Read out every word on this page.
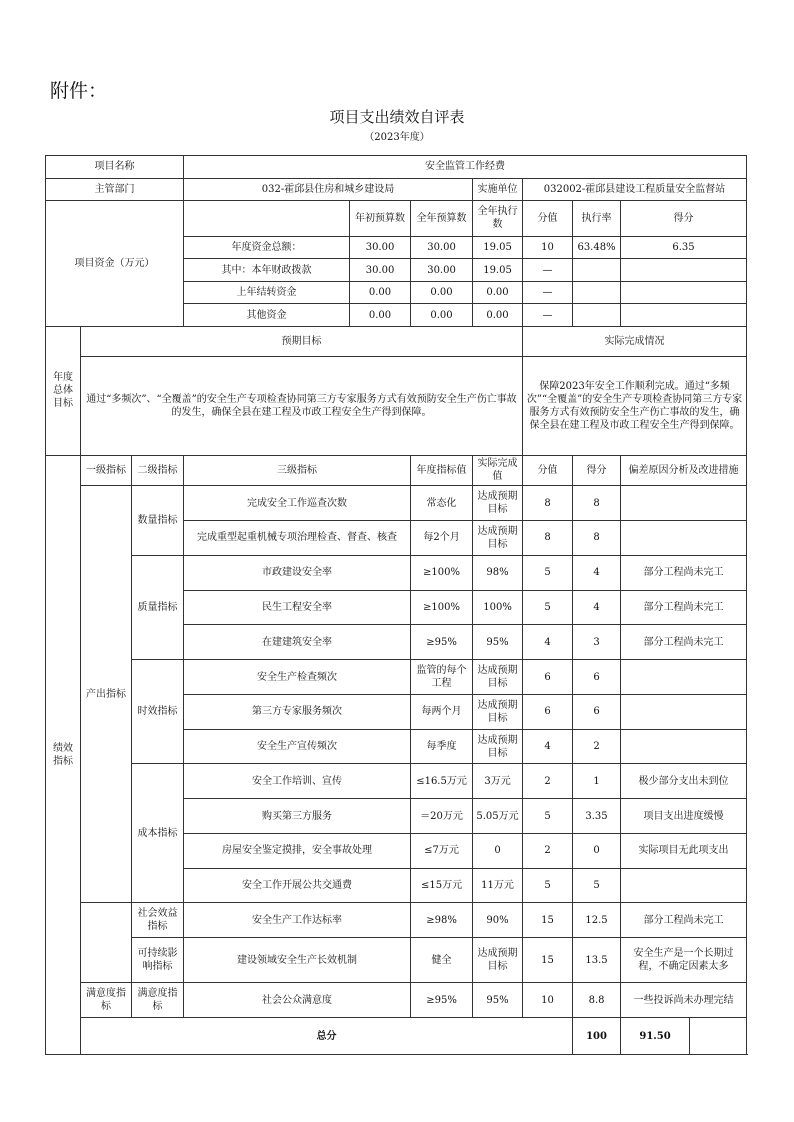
附件：
项目支出绩效自评表
（2023年度）
项目名称			安全监管工作经费							
主管部门			032-霍邱县住房和城乡建设局			实施单位	032002-霍邱县建设工程质量安全监督站			
项目资金（万元）				年初预算数	全年预算数	全年执行数	分值	执行率	得分	
			年度资金总额：	30.00	30.00	19.05	10	63.48%	6.35	
			其中：本年财政拨款	30.00	30.00	19.05	—			
			上年结转资金	0.00	0.00	0.00	—			
			其他资金	0.00	0.00	0.00	—			
年度总体目标	预期目标						实际完成情况			
	通过“多频次”、“全覆盖”的安全生产专项检查协同第三方专家服务方式有效预防安全生产伤亡事故的发生，确保全县在建工程及市政工程安全生产得到保障。						保障2023年安全工作顺利完成。通过“多频次”“全覆盖”的安全生产专项检查协同第三方专家服务方式有效预防安全生产伤亡事故的发生，确保全县在建工程及市政工程安全生产得到保障。			
绩效指标	一级指标	二级指标	三级指标		年度指标值	实际完成值	分值	得分	偏差原因分析及改进措施	
	产出指标	数量指标	完成安全工作巡查次数		常态化	达成预期目标	8	8		
			完成重型起重机械专项治理检查、督查、核查		每2个月	达成预期目标	8	8		
		质量指标	市政建设安全率		≥100%	98%	5	4	部分工程尚未完工	
			民生工程安全率		≥100%	100%	5	4	部分工程尚未完工	
			在建建筑安全率		≥95%	95%	4	3	部分工程尚未完工	
		时效指标	安全生产检查频次		监管的每个工程	达成预期目标	6	6		
			第三方专家服务频次		每两个月	达成预期目标	6	6		
			安全生产宣传频次		每季度	达成预期目标	4	2		
		成本指标	安全工作培训、宣传		≤16.5万元	3万元	2	1	极少部分支出未到位	
			购买第三方服务		＝20万元	5.05万元	5	3.35	项目支出进度缓慢	
			房屋安全鉴定摸排，安全事故处理		≤7万元	0	2	0	实际项目无此项支出	
			安全工作开展公共交通费		≤15万元	11万元	5	5		
		社会效益指标	安全生产工作达标率		≥98%	90%	15	12.5	部分工程尚未完工	
		可持续影响指标	建设领域安全生产长效机制		健全	达成预期目标	15	13.5	安全生产是一个长期过程，不确定因素太多	
	满意度指标	满意度指标	社会公众满意度		≥95%	95%	10	8.8	一些投诉尚未办理完结	
	总分							100	91.50	
